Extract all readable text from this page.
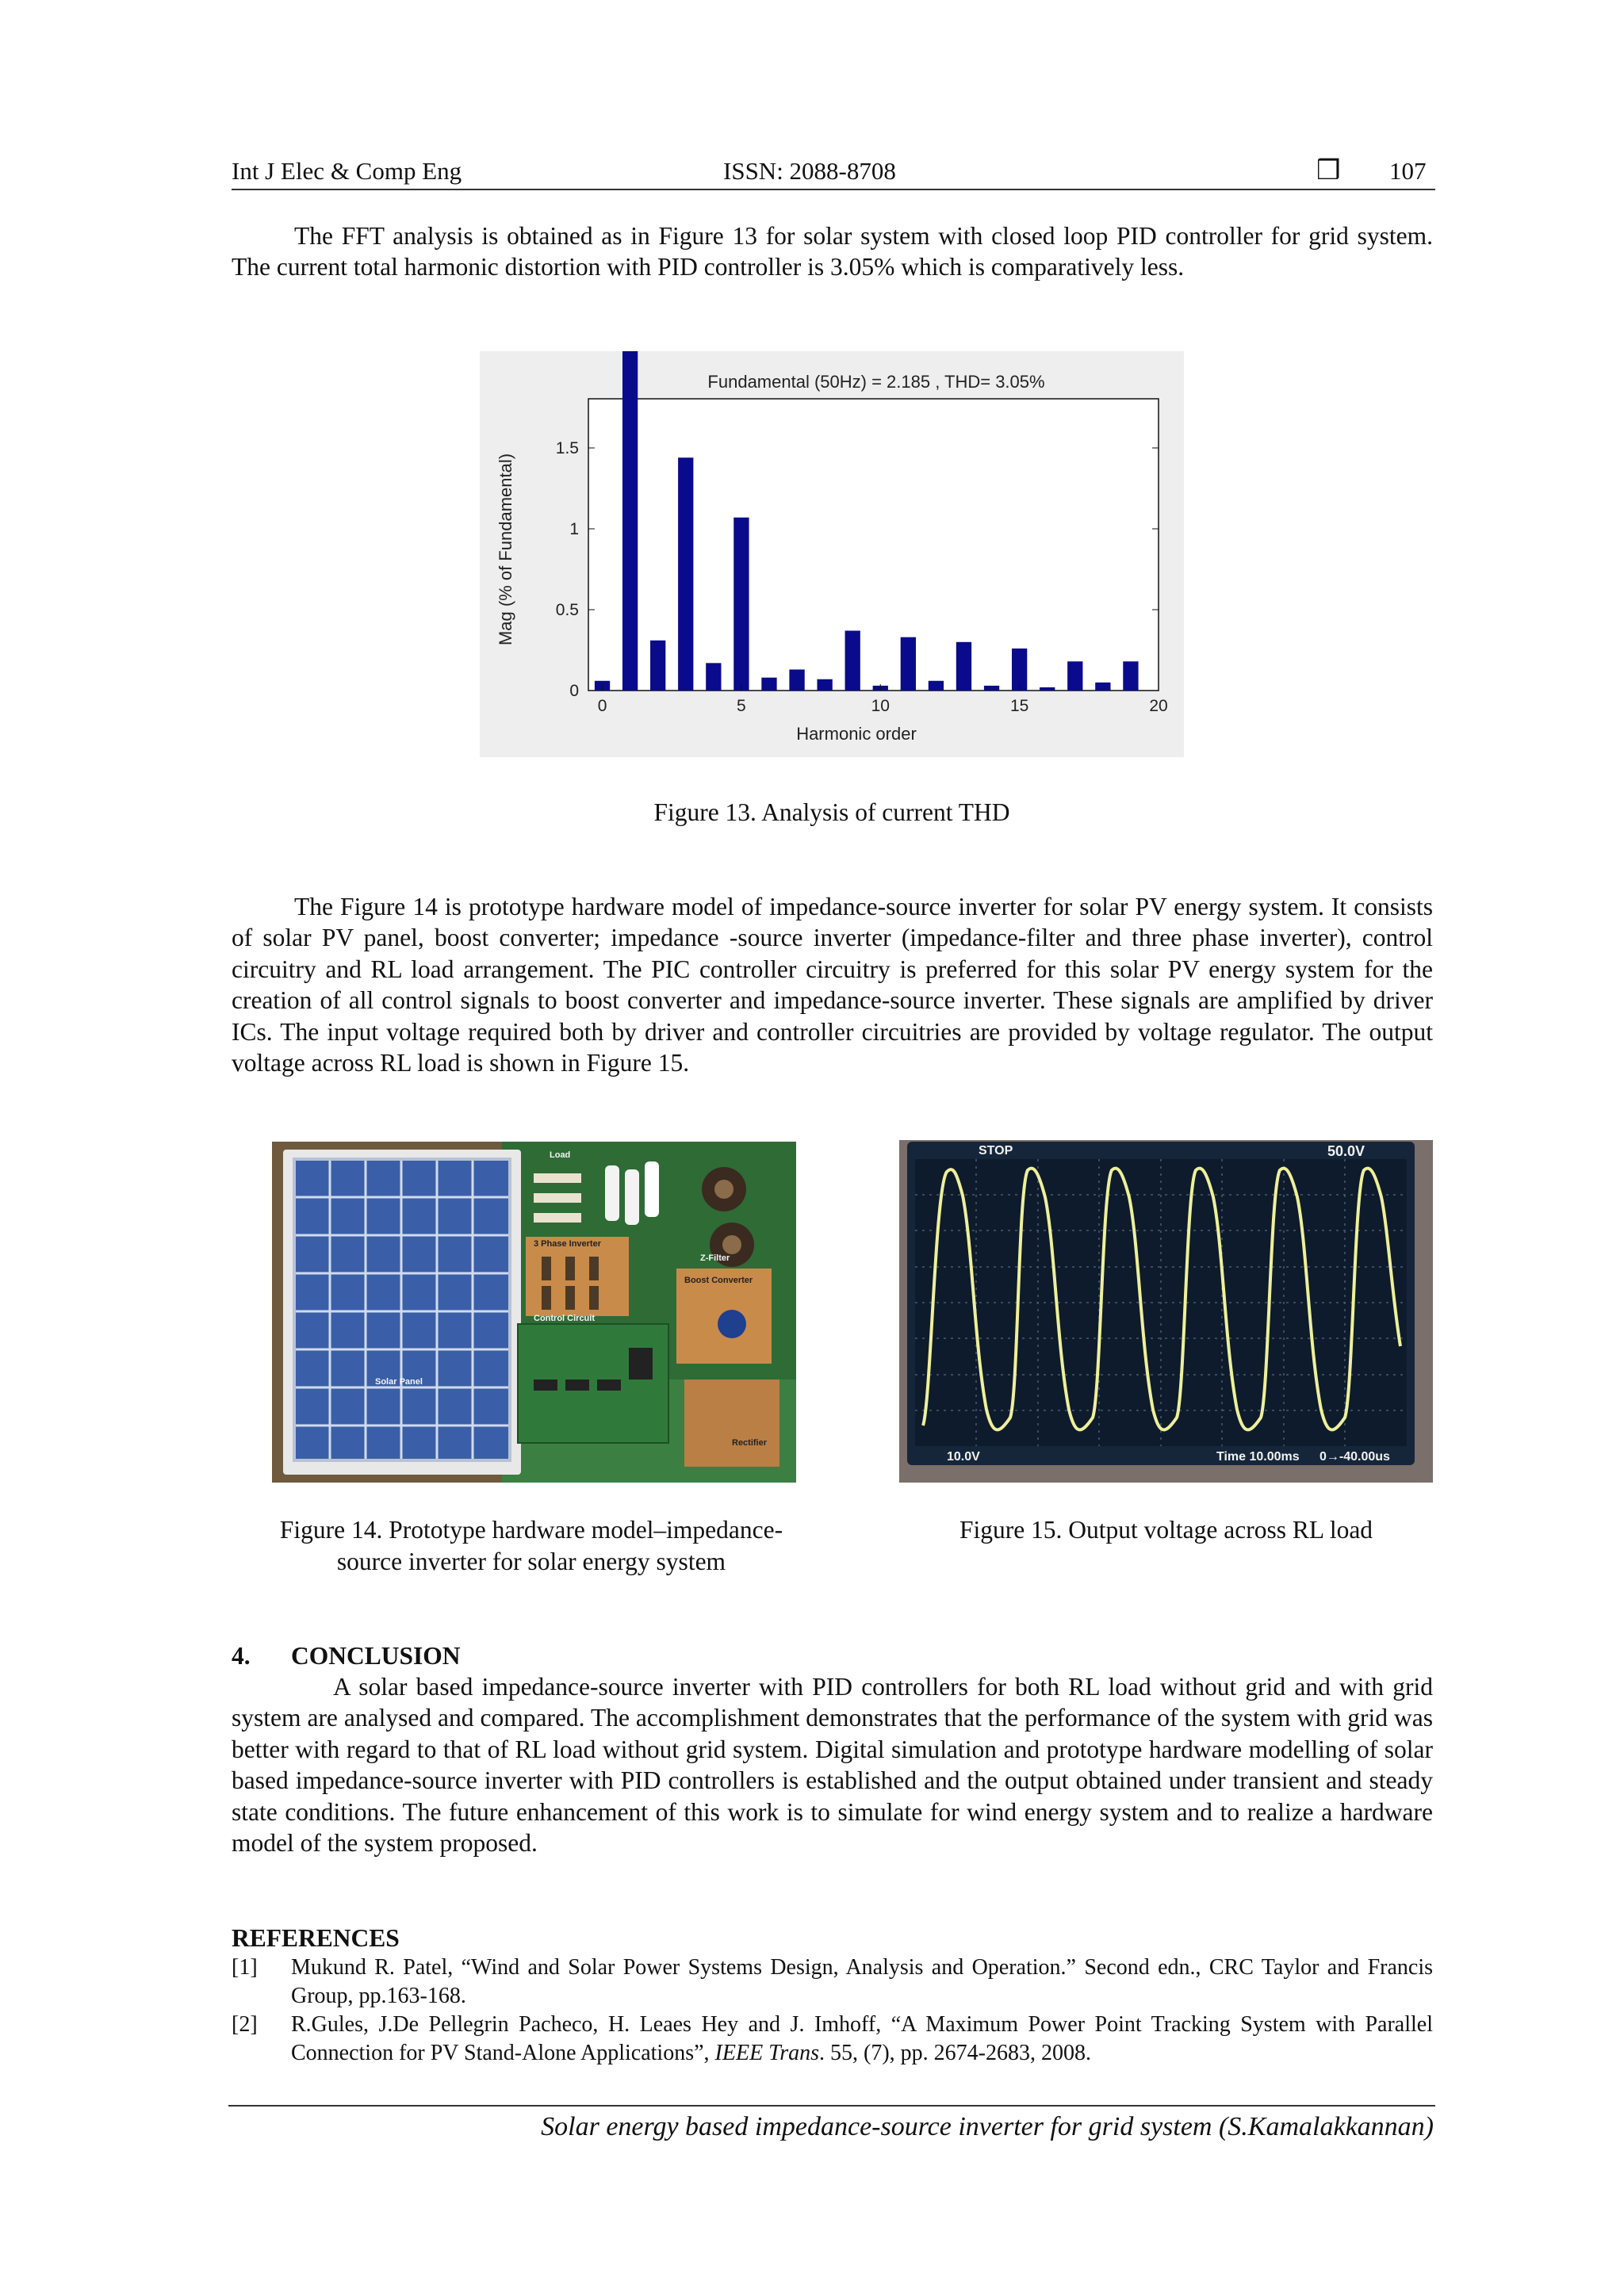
Int J Elec & Comp Eng	ISSN: 2088-8708	❒ 107

The FFT analysis is obtained as in Figure 13 for solar system with closed loop PID controller for grid system. The current total harmonic distortion with PID controller is 3.05% which is comparatively less.

0	5	10	15	20
0
0.5
1
1.5
Fundamental (50Hz) = 2.185 , THD= 3.05%
Harmonic order
Mag (% of Fundamental)
Figure 13. Analysis of current THD

The Figure 14 is prototype hardware model of impedance-source inverter for solar PV energy system. It consists of solar PV panel, boost converter; impedance -source inverter (impedance-filter and three phase inverter), control circuitry and RL load arrangement. The PIC controller circuitry is preferred for this solar PV energy system for the creation of all control signals to boost converter and impedance-source inverter. These signals are amplified by driver ICs. The input voltage required both by driver and controller circuitries are provided by voltage regulator. The output voltage across RL load is shown in Figure 15.

Load
3 Phase Inverter
Z-Filter
Boost Converter
Control Circuit
Solar Panel
Rectifier
STOP	50.0V
10.0V	Time 10.00ms 0→-40.00us
Figure 14. Prototype hardware model–impedance-
source inverter for solar energy system
Figure 15. Output voltage across RL load
4. CONCLUSION

A solar based impedance-source inverter with PID controllers for both RL load without grid and with grid system are analysed and compared. The accomplishment demonstrates that the performance of the system with grid was better with regard to that of RL load without grid system. Digital simulation and prototype hardware modelling of solar based impedance-source inverter with PID controllers is established and the output obtained under transient and steady state conditions. The future enhancement of this work is to simulate for wind energy system and to realize a hardware model of the system proposed.

REFERENCES
[1] Mukund R. Patel, “Wind and Solar Power Systems Design, Analysis and Operation.” Second edn., CRC Taylor and Francis Group, pp.163-168.
[2] R.Gules, J.De Pellegrin Pacheco, H. Leaes Hey and J. Imhoff, “A Maximum Power Point Tracking System with Parallel Connection for PV Stand-Alone Applications”, IEEE Trans. 55, (7), pp. 2674-2683, 2008.
Solar energy based impedance-source inverter for grid system (S.Kamalakkannan)
